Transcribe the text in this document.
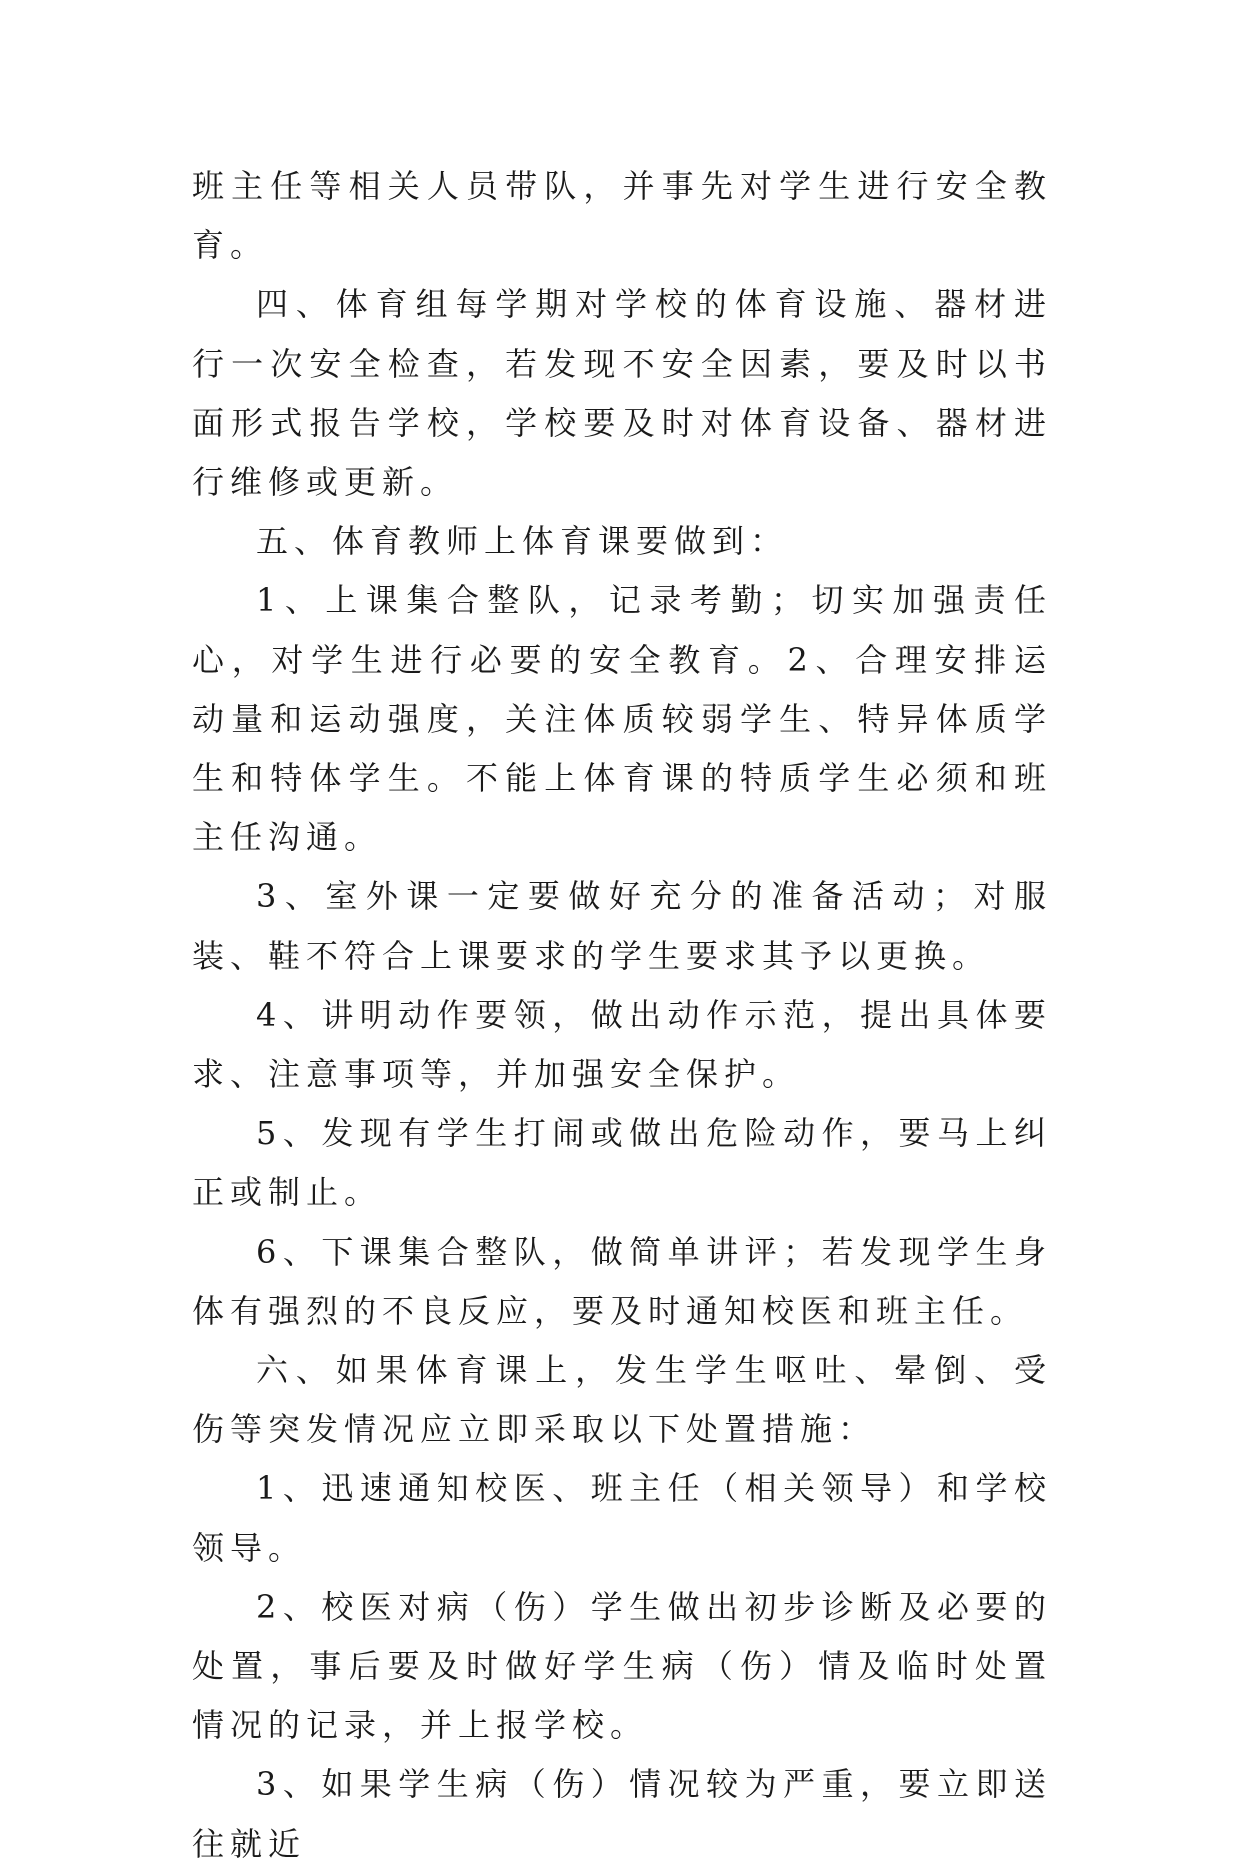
班主任等相关人员带队，并事先对学生进行安全教育。

四、体育组每学期对学校的体育设施、器材进行一次安全检查，若发现不安全因素，要及时以书面形式报告学校，学校要及时对体育设备、器材进行维修或更新。

五、体育教师上体育课要做到：

1、上课集合整队，记录考勤；切实加强责任心，对学生进行必要的安全教育。2、合理安排运动量和运动强度，关注体质较弱学生、特异体质学生和特体学生。不能上体育课的特质学生必须和班主任沟通。

3、室外课一定要做好充分的准备活动；对服装、鞋不符合上课要求的学生要求其予以更换。

4、讲明动作要领，做出动作示范，提出具体要求、注意事项等，并加强安全保护。

5、发现有学生打闹或做出危险动作，要马上纠正或制止。

6、下课集合整队，做简单讲评；若发现学生身体有强烈的不良反应，要及时通知校医和班主任。

六、如果体育课上，发生学生呕吐、晕倒、受伤等突发情况应立即采取以下处置措施：

1、迅速通知校医、班主任（相关领导）和学校领导。

2、校医对病（伤）学生做出初步诊断及必要的处置，事后要及时做好学生病（伤）情及临时处置情况的记录，并上报学校。

3、如果学生病（伤）情况较为严重，要立即送往就近
